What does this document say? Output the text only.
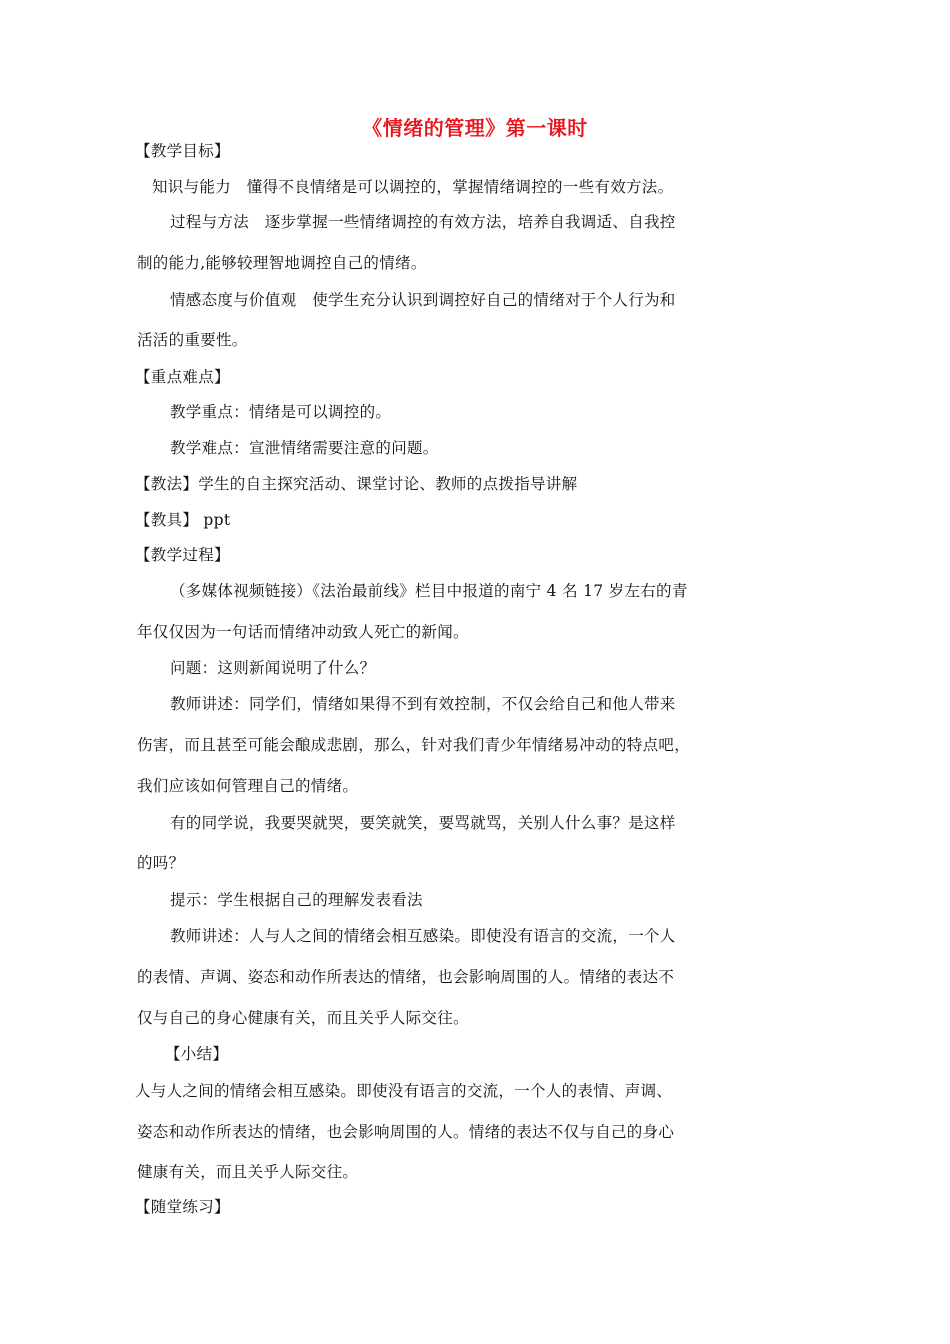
《情绪的管理》第一课时
【教学目标】
知识与能力　懂得不良情绪是可以调控的，掌握情绪调控的一些有效方法。
过程与方法　逐步掌握一些情绪调控的有效方法，培养自我调适、自我控
制的能力,能够较理智地调控自己的情绪。
情感态度与价值观　使学生充分认识到调控好自己的情绪对于个人行为和
活活的重要性。
【重点难点】
教学重点：情绪是可以调控的。
教学难点：宣泄情绪需要注意的问题。
【教法】学生的自主探究活动、课堂讨论、教师的点拨指导讲解
【教具】 ppt
【教学过程】
（多媒体视频链接）《法治最前线》栏目中报道的南宁 4 名 17 岁左右的青
年仅仅因为一句话而情绪冲动致人死亡的新闻。
问题：这则新闻说明了什么？
教师讲述：同学们，情绪如果得不到有效控制，不仅会给自己和他人带来
伤害，而且甚至可能会酿成悲剧，那么，针对我们青少年情绪易冲动的特点吧，
我们应该如何管理自己的情绪。
有的同学说，我要哭就哭，要笑就笑，要骂就骂，关别人什么事？是这样
的吗？
提示：学生根据自己的理解发表看法
教师讲述：人与人之间的情绪会相互感染。即使没有语言的交流，一个人
的表情、声调、姿态和动作所表达的情绪，也会影响周围的人。情绪的表达不
仅与自己的身心健康有关，而且关乎人际交往。
【小结】
人与人之间的情绪会相互感染。即使没有语言的交流，一个人的表情、声调、
姿态和动作所表达的情绪，也会影响周围的人。情绪的表达不仅与自己的身心
健康有关，而且关乎人际交往。
【随堂练习】
